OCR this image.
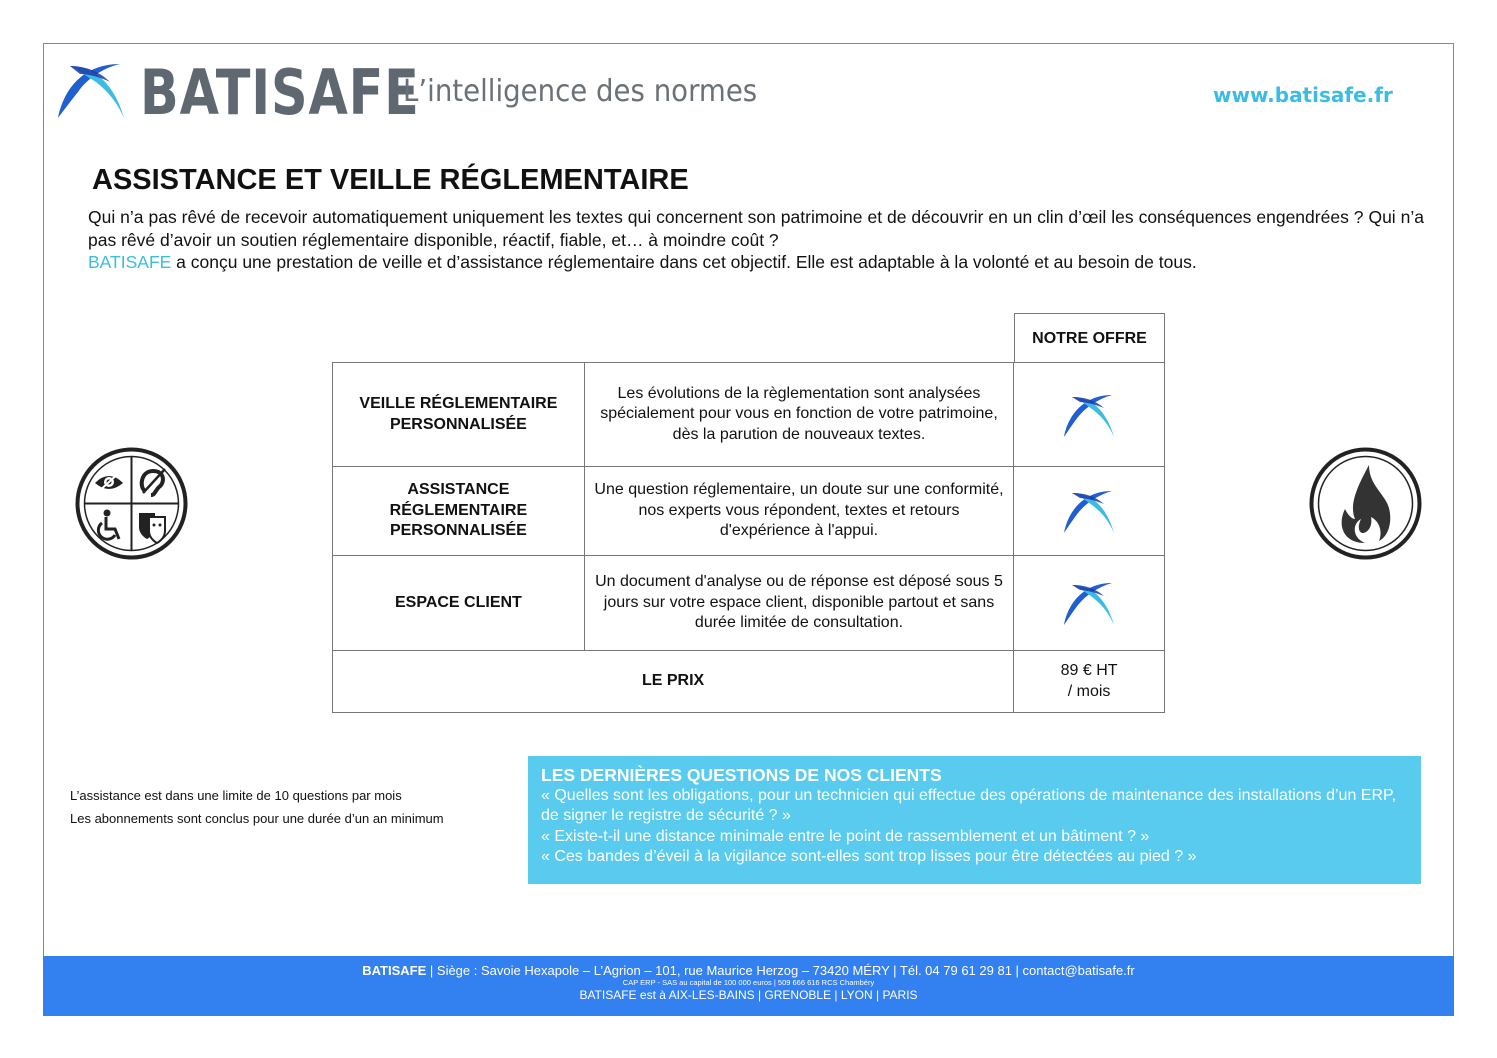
BATISAFE
L’intelligence des normes	www.batisafe.fr
ASSISTANCE ET VEILLE RÉGLEMENTAIRE

Qui n’a pas rêvé de recevoir automatiquement uniquement les textes qui concernent son patrimoine et de découvrir en un clin d’œil les conséquences engendrées ? Qui n’a pas rêvé d’avoir un soutien réglementaire disponible, réactif, fiable, et… à moindre coût ?

BATISAFE a conçu une prestation de veille et d’assistance réglementaire dans cet objectif. Elle est adaptable à la volonté et au besoin de tous.

NOTRE OFFRE
VEILLE RÉGLEMENTAIRE PERSONNALISÉE	Les évolutions de la règlementation sont analysées spécialement pour vous en fonction de votre patrimoine, dès la parution de nouveaux textes.	
ASSISTANCE RÉGLEMENTAIRE PERSONNALISÉE	Une question réglementaire, un doute sur une conformité, nos experts vous répondent, textes et retours d'expérience à l'appui.	
ESPACE CLIENT	Un document d'analyse ou de réponse est déposé sous 5 jours sur votre espace client, disponible partout et sans durée limitée de consultation.	
LE PRIX		89 € HT
/ mois
L’assistance est dans une limite de 10 questions par mois
Les abonnements sont conclus pour une durée d’un an minimum
LES DERNIÈRES QUESTIONS DE NOS CLIENTS
« Quelles sont les obligations, pour un technicien qui effectue des opérations de maintenance des installations d’un ERP, de signer le registre de sécurité ? »
« Existe-t-il une distance minimale entre le point de rassemblement et un bâtiment ? »
« Ces bandes d’éveil à la vigilance sont-elles sont trop lisses pour être détectées au pied ? »
BATISAFE | Siège : Savoie Hexapole – L’Agrion – 101, rue Maurice Herzog – 73420 MÉRY | Tél. 04 79 61 29 81 | contact@batisafe.fr
CAP ERP - SAS au capital de 100 000 euros | 509 666 616 RCS Chambéry
BATISAFE est à AIX-LES-BAINS | GRENOBLE | LYON | PARIS
